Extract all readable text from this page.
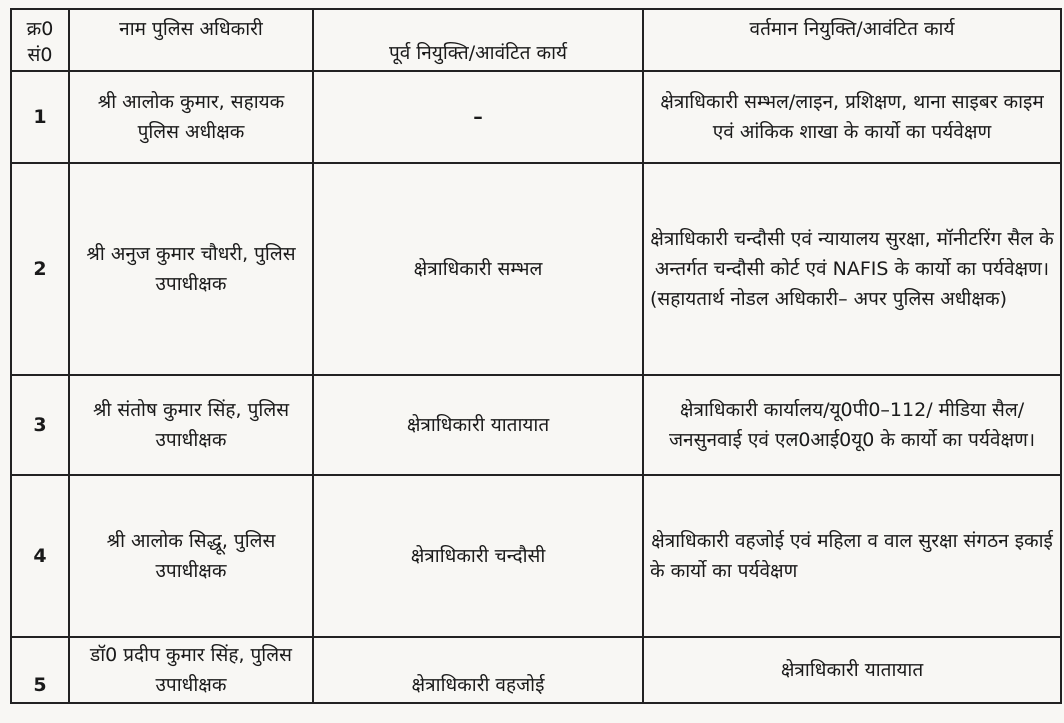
क्र0 सं0	नाम पुलिस अधिकारी	पूर्व नियुक्ति/आवंटित कार्य	वर्तमान नियुक्ति/आवंटित कार्य
1	श्री आलोक कुमार, सहायक पुलिस अधीक्षक	–	क्षेत्राधिकारी सम्भल/लाइन, प्रशिक्षण, थाना साइबर काइम एवं आंकिक शाखा के कार्यो का पर्यवेक्षण
2	श्री अनुज कुमार चौधरी, पुलिस उपाधीक्षक	क्षेत्राधिकारी सम्भल	क्षेत्राधिकारी चन्दौसी एवं न्यायालय सुरक्षा, मॉनीटरिंग सैल के अन्तर्गत चन्दौसी कोर्ट एवं NAFIS के कार्यो का पर्यवेक्षण। (सहायतार्थ नोडल अधिकारी– अपर पुलिस अधीक्षक)
3	श्री संतोष कुमार सिंह, पुलिस उपाधीक्षक	क्षेत्राधिकारी यातायात	क्षेत्राधिकारी कार्यालय/यू0पी0–112/ मीडिया सैल/जनसुनवाई एवं एल0आई0यू0 के कार्यो का पर्यवेक्षण।
4	श्री आलोक सिद्धू, पुलिस उपाधीक्षक	क्षेत्राधिकारी चन्दौसी	क्षेत्राधिकारी वहजोई एवं महिला व वाल सुरक्षा संगठन इकाई के कार्यो का पर्यवेक्षण
5	डॉ0 प्रदीप कुमार सिंह, पुलिस उपाधीक्षक	क्षेत्राधिकारी वहजोई	क्षेत्राधिकारी यातायात
